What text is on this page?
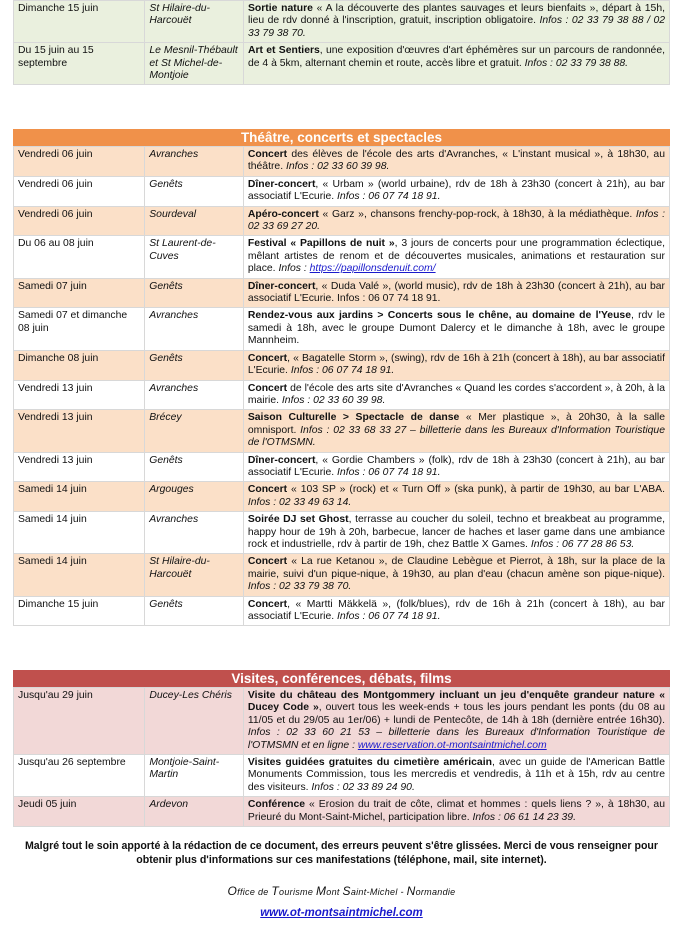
Dimanche 15 juin	St Hilaire-du-Harcouët	Sortie nature « A la découverte des plantes sauvages et leurs bienfaits », départ à 15h, lieu de rdv donné à l'inscription, gratuit, inscription obligatoire. Infos : 02 33 79 38 88 / 02 33 79 38 70.
Du 15 juin au 15 septembre	Le Mesnil-Thébault et St Michel-de-Montjoie	Art et Sentiers, une exposition d'œuvres d'art éphémères sur un parcours de randonnée, de 4 à 5km, alternant chemin et route, accès libre et gratuit. Infos : 02 33 79 38 88.
Théâtre, concerts et spectacles
Vendredi 06 juin	Avranches	Concert des élèves de l'école des arts d'Avranches, « L'instant musical », à 18h30, au théâtre. Infos : 02 33 60 39 98.
Vendredi 06 juin	Genêts	Dîner-concert, « Urbam » (world urbaine), rdv de 18h à 23h30 (concert à 21h), au bar associatif L'Ecurie. Infos : 06 07 74 18 91.
Vendredi 06 juin	Sourdeval	Apéro-concert « Garz », chansons frenchy-pop-rock, à 18h30, à la médiathèque. Infos : 02 33 69 27 20.
Du 06 au 08 juin	St Laurent-de-Cuves	Festival « Papillons de nuit », 3 jours de concerts pour une programmation éclectique, mêlant artistes de renom et de découvertes musicales, animations et restauration sur place. Infos : https://papillonsdenuit.com/
Samedi 07 juin	Genêts	Dîner-concert, « Duda Valé », (world music), rdv de 18h à 23h30 (concert à 21h), au bar associatif L'Ecurie. Infos : 06 07 74 18 91.
Samedi 07 et dimanche 08 juin	Avranches	Rendez-vous aux jardins > Concerts sous le chêne, au domaine de l'Yeuse, rdv le samedi à 18h, avec le groupe Dumont Dalercy et le dimanche à 18h, avec le groupe Mannheim.
Dimanche 08 juin	Genêts	Concert, « Bagatelle Storm », (swing), rdv de 16h à 21h (concert à 18h), au bar associatif L'Ecurie. Infos : 06 07 74 18 91.
Vendredi 13 juin	Avranches	Concert de l'école des arts site d'Avranches « Quand les cordes s'accordent », à 20h, à la mairie. Infos : 02 33 60 39 98.
Vendredi 13 juin	Brécey	Saison Culturelle > Spectacle de danse « Mer plastique », à 20h30, à la salle omnisport. Infos : 02 33 68 33 27 – billetterie dans les Bureaux d'Information Touristique de l'OTMSMN.
Vendredi 13 juin	Genêts	Dîner-concert, « Gordie Chambers » (folk), rdv de 18h à 23h30 (concert à 21h), au bar associatif L'Ecurie. Infos : 06 07 74 18 91.
Samedi 14 juin	Argouges	Concert « 103 SP » (rock) et « Turn Off » (ska punk), à partir de 19h30, au bar L'ABA. Infos : 02 33 49 63 14.
Samedi 14 juin	Avranches	Soirée DJ set Ghost, terrasse au coucher du soleil, techno et breakbeat au programme, happy hour de 19h à 20h, barbecue, lancer de haches et laser game dans une ambiance rock et industrielle, rdv à partir de 19h, chez Battle X Games. Infos : 06 77 28 86 53.
Samedi 14 juin	St Hilaire-du-Harcouët	Concert « La rue Ketanou », de Claudine Lebègue et Pierrot, à 18h, sur la place de la mairie, suivi d'un pique-nique, à 19h30, au plan d'eau (chacun amène son pique-nique). Infos : 02 33 79 38 70.
Dimanche 15 juin	Genêts	Concert, « Martti Mäkkelä », (folk/blues), rdv de 16h à 21h (concert à 18h), au bar associatif L'Ecurie. Infos : 06 07 74 18 91.
Visites, conférences, débats, films
Jusqu'au 29 juin	Ducey-Les Chéris	Visite du château des Montgommery incluant un jeu d'enquête grandeur nature « Ducey Code », ouvert tous les week-ends + tous les jours pendant les ponts (du 08 au 11/05 et du 29/05 au 1er/06) + lundi de Pentecôte, de 14h à 18h (dernière entrée 16h30). Infos : 02 33 60 21 53 – billetterie dans les Bureaux d'Information Touristique de l'OTMSMN et en ligne : www.reservation.ot-montsaintmichel.com
Jusqu'au 26 septembre	Montjoie-Saint-Martin	Visites guidées gratuites du cimetière américain, avec un guide de l'American Battle Monuments Commission, tous les mercredis et vendredis, à 11h et à 15h, rdv au centre des visiteurs. Infos : 02 33 89 24 90.
Jeudi 05 juin	Ardevon	Conférence « Erosion du trait de côte, climat et hommes : quels liens ? », à 18h30, au Prieuré du Mont-Saint-Michel, participation libre. Infos : 06 61 14 23 39.
Malgré tout le soin apporté à la rédaction de ce document, des erreurs peuvent s'être glissées. Merci de vous renseigner pour obtenir plus d'informations sur ces manifestations (téléphone, mail, site internet).
Office de Tourisme Mont Saint-Michel - Normandie
www.ot-montsaintmichel.com
